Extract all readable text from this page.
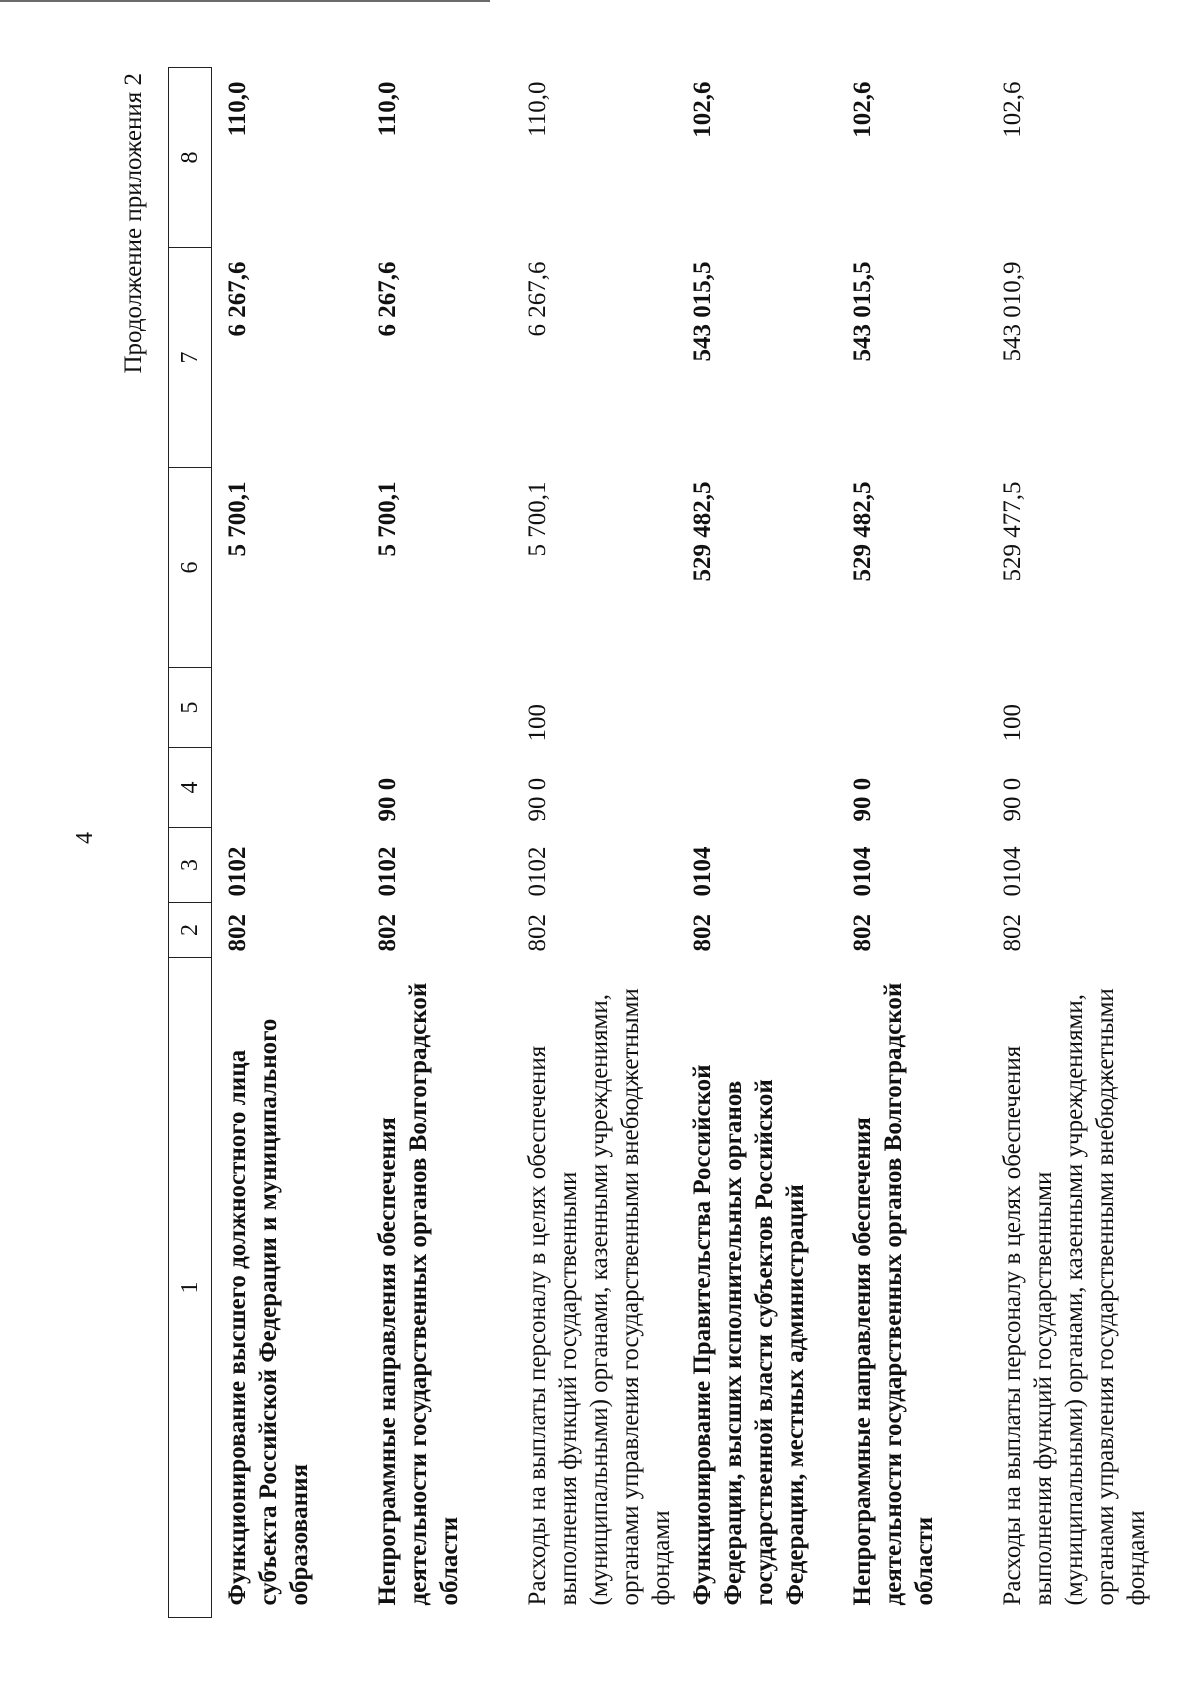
4
Продолжение приложения 2
1	2	3	4	5	6	7	8
Функционирование высшего должностного лица субъекта Российской Федерации и муниципального образования	802	0102			5 700,1	6 267,6	110,0
Непрограммные направления обеспечения деятельности государственных органов Волгоградской области	802	0102	90 0		5 700,1	6 267,6	110,0
Расходы на выплаты персоналу в целях обеспечения выполнения функций государственными (муниципальными) органами, казенными учреждениями, органами управления государственными внебюджетными фондами	802	0102	90 0	100	5 700,1	6 267,6	110,0
Функционирование Правительства Российской Федерации, высших исполнительных органов государственной власти субъектов Российской Федерации, местных администраций	802	0104			529 482,5	543 015,5	102,6
Непрограммные направления обеспечения деятельности государственных органов Волгоградской области	802	0104	90 0		529 482,5	543 015,5	102,6
Расходы на выплаты персоналу в целях обеспечения выполнения функций государственными (муниципальными) органами, казенными учреждениями, органами управления государственными внебюджетными фондами	802	0104	90 0	100	529 477,5	543 010,9	102,6
